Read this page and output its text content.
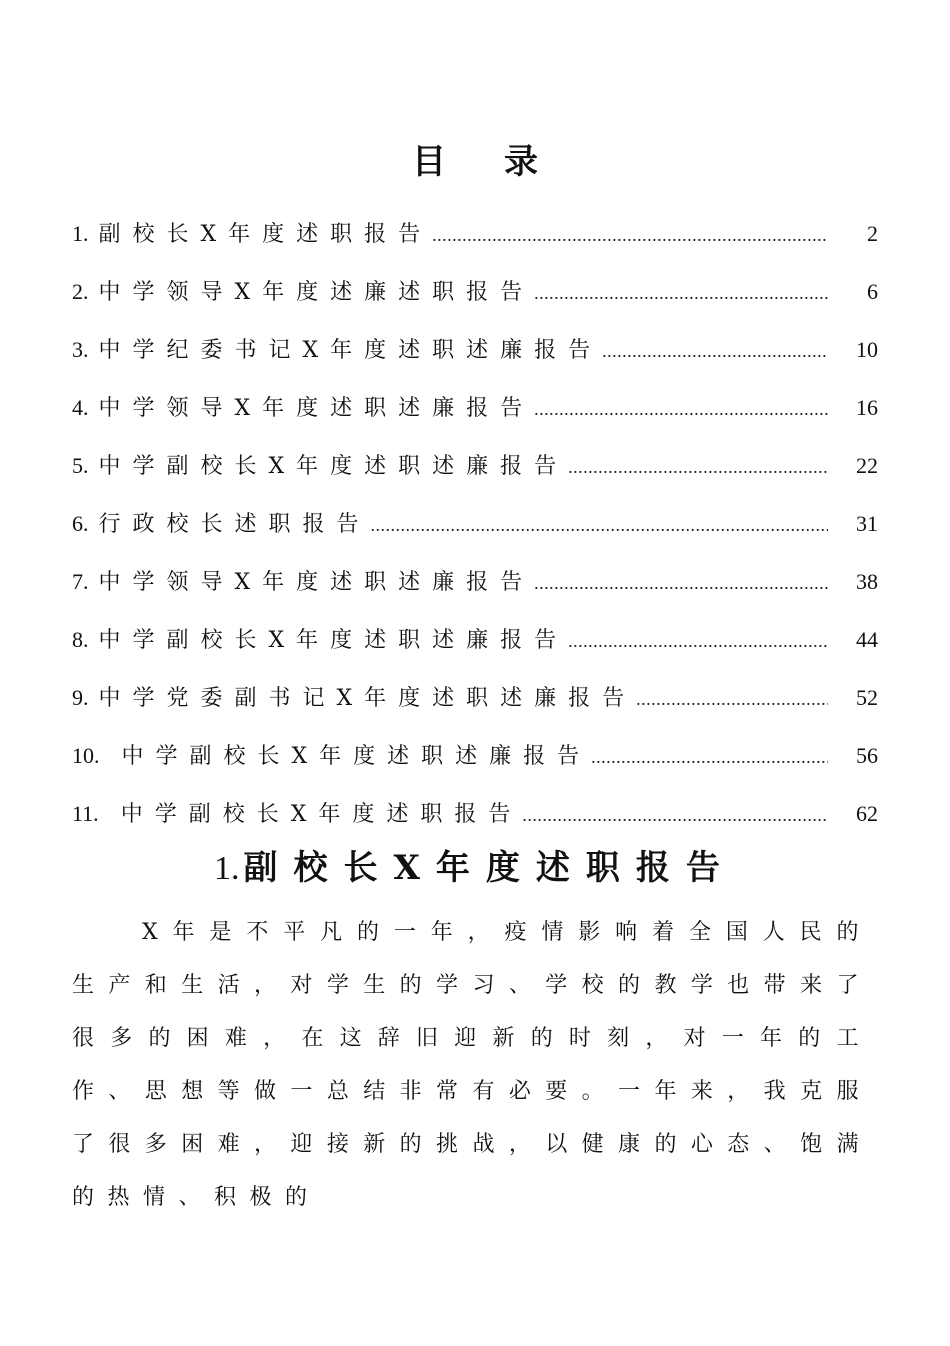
目录
1. 副校长X年度述职报告 .....	2
2. 中学领导X年度述廉述职报告 .....	6
3. 中学纪委书记X年度述职述廉报告 .....	10
4. 中学领导X年度述职述廉报告 .....	16
5. 中学副校长X年度述职述廉报告 .....	22
6. 行政校长述职报告 .....	31
7. 中学领导X年度述职述廉报告 .....	38
8. 中学副校长X年度述职述廉报告 .....	44
9. 中学党委副书记X年度述职述廉报告 .....	52
10. 中学副校长X年度述职述廉报告 .....	56
11. 中学副校长X年度述职报告 .....	62
1. 副校长X年度述职报告
X年是不平凡的一年，疫情影响着全国人民的生产和生活，对学生的学习、学校的教学也带来了很多的困难，在这辞旧迎新的时刻，对一年的工作、思想等做一总结非常有必要。一年来，我克服了很多困难，迎接新的挑战，以健康的心态、饱满的热情、积极的
